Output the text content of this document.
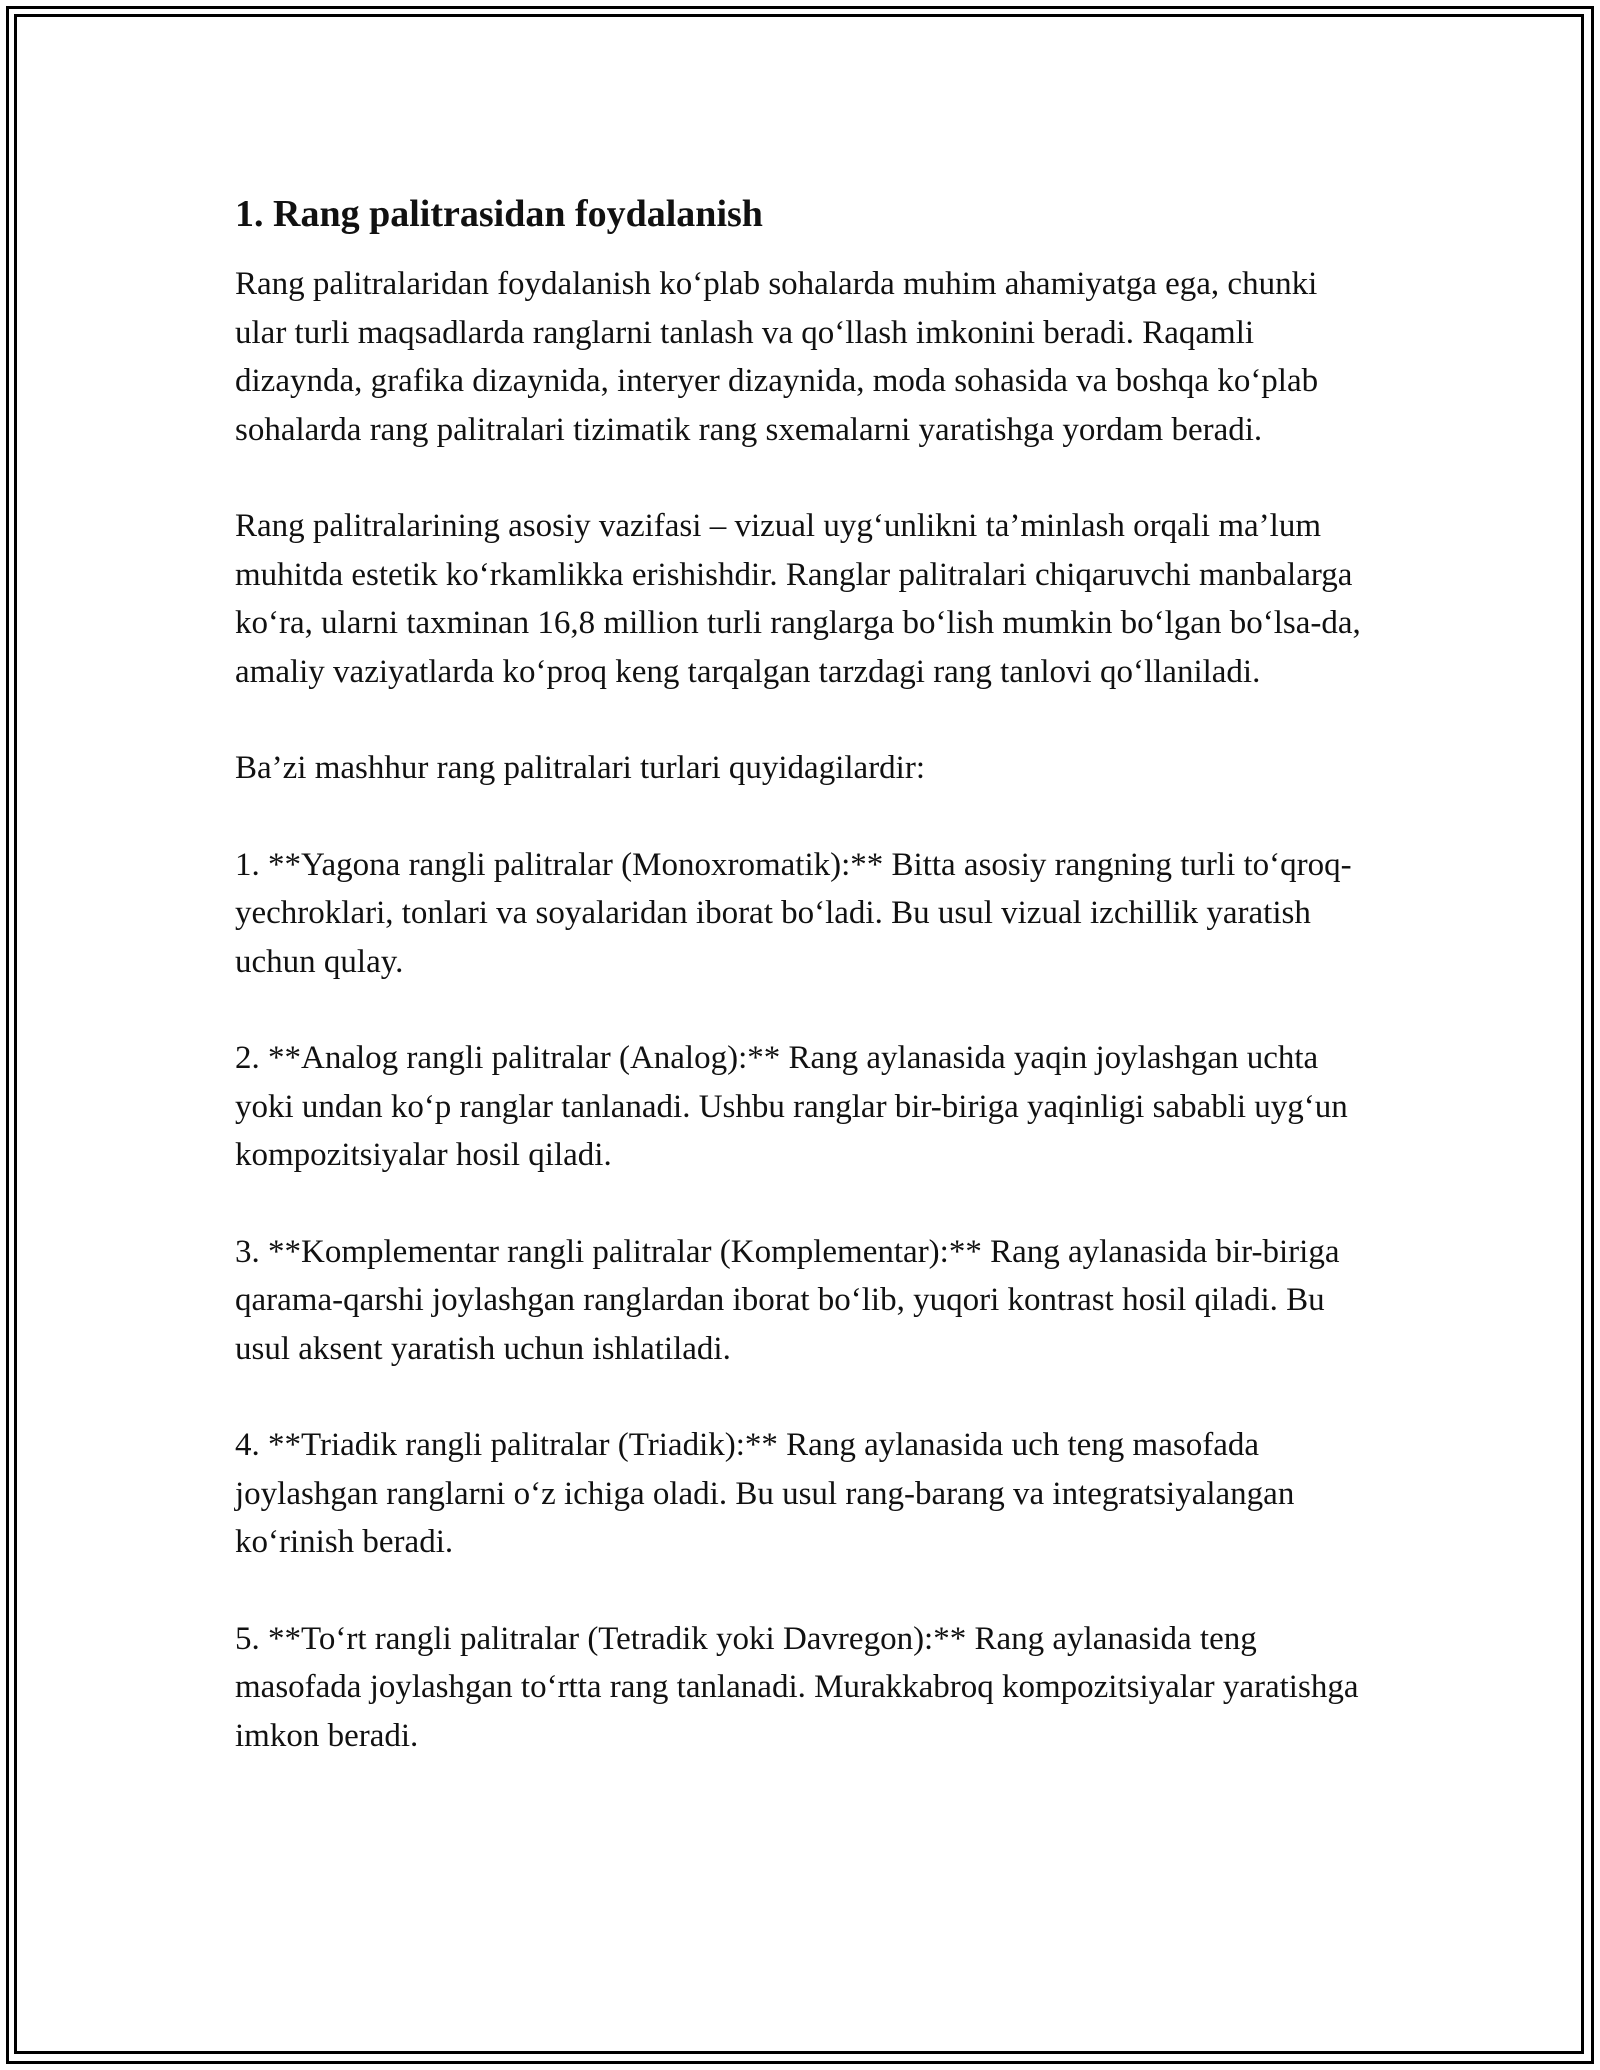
1. Rang palitrasidan foydalanish

Rang palitralaridan foydalanish ko‘plab sohalarda muhim ahamiyatga ega, chunki ular turli maqsadlarda ranglarni tanlash va qo‘llash imkonini beradi. Raqamli dizaynda, grafika dizaynida, interyer dizaynida, moda sohasida va boshqa ko‘plab sohalarda rang palitralari tizimatik rang sxemalarni yaratishga yordam beradi.

Rang palitralarining asosiy vazifasi – vizual uyg‘unlikni ta’minlash orqali ma’lum muhitda estetik ko‘rkamlikka erishishdir. Ranglar palitralari chiqaruvchi manbalarga ko‘ra, ularni taxminan 16,8 million turli ranglarga bo‘lish mumkin bo‘lgan bo‘lsa-da, amaliy vaziyatlarda ko‘proq keng tarqalgan tarzdagi rang tanlovi qo‘llaniladi.

Ba’zi mashhur rang palitralari turlari quyidagilardir:

1. **Yagona rangli palitralar (Monoxromatik):** Bitta asosiy rangning turli to‘qroq-yechroklari, tonlari va soyalaridan iborat bo‘ladi. Bu usul vizual izchillik yaratish uchun qulay.

2. **Analog rangli palitralar (Analog):** Rang aylanasida yaqin joylashgan uchta yoki undan ko‘p ranglar tanlanadi. Ushbu ranglar bir-biriga yaqinligi sababli uyg‘un kompozitsiyalar hosil qiladi.

3. **Komplementar rangli palitralar (Komplementar):** Rang aylanasida bir-biriga qarama-qarshi joylashgan ranglardan iborat bo‘lib, yuqori kontrast hosil qiladi. Bu usul aksent yaratish uchun ishlatiladi.

4. **Triadik rangli palitralar (Triadik):** Rang aylanasida uch teng masofada joylashgan ranglarni o‘z ichiga oladi. Bu usul rang-barang va integratsiyalangan ko‘rinish beradi.

5. **To‘rt rangli palitralar (Tetradik yoki Davregon):** Rang aylanasida teng masofada joylashgan to‘rtta rang tanlanadi. Murakkabroq kompozitsiyalar yaratishga imkon beradi.
